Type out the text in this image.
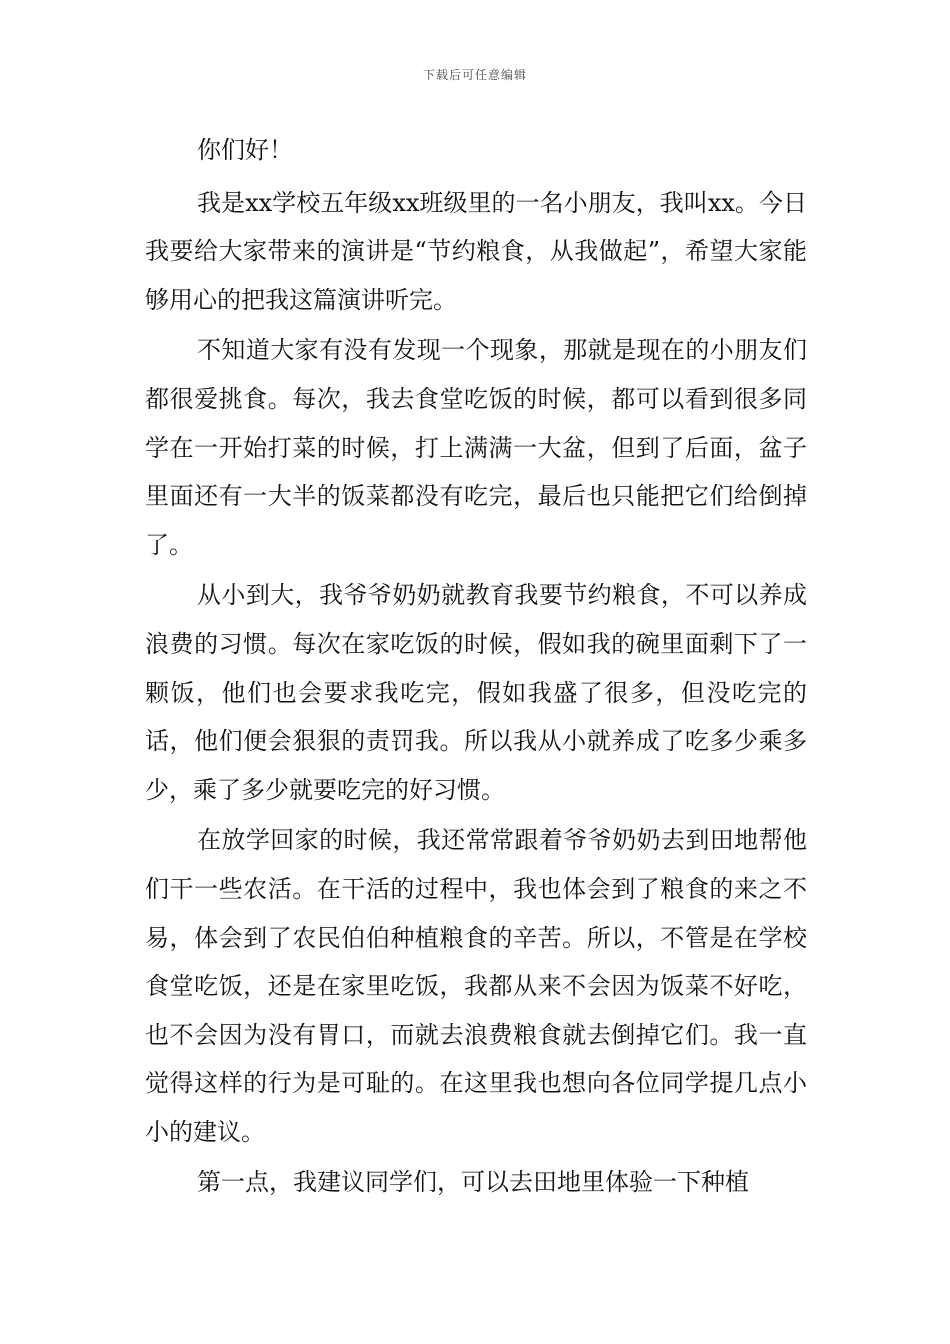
下载后可任意编辑

你们好！

我是xx学校五年级xx班级里的一名小朋友，我叫xx。今日我要给大家带来的演讲是“节约粮食，从我做起”，希望大家能够用心的把我这篇演讲听完。

不知道大家有没有发现一个现象，那就是现在的小朋友们都很爱挑食。每次，我去食堂吃饭的时候，都可以看到很多同学在一开始打菜的时候，打上满满一大盆，但到了后面，盆子里面还有一大半的饭菜都没有吃完，最后也只能把它们给倒掉了。

从小到大，我爷爷奶奶就教育我要节约粮食，不可以养成浪费的习惯。每次在家吃饭的时候，假如我的碗里面剩下了一颗饭，他们也会要求我吃完，假如我盛了很多，但没吃完的话，他们便会狠狠的责罚我。所以我从小就养成了吃多少乘多少，乘了多少就要吃完的好习惯。

在放学回家的时候，我还常常跟着爷爷奶奶去到田地帮他们干一些农活。在干活的过程中，我也体会到了粮食的来之不易，体会到了农民伯伯种植粮食的辛苦。所以，不管是在学校食堂吃饭，还是在家里吃饭，我都从来不会因为饭菜不好吃，也不会因为没有胃口，而就去浪费粮食就去倒掉它们。我一直觉得这样的行为是可耻的。在这里我也想向各位同学提几点小小的建议。

第一点，我建议同学们，可以去田地里体验一下种植
